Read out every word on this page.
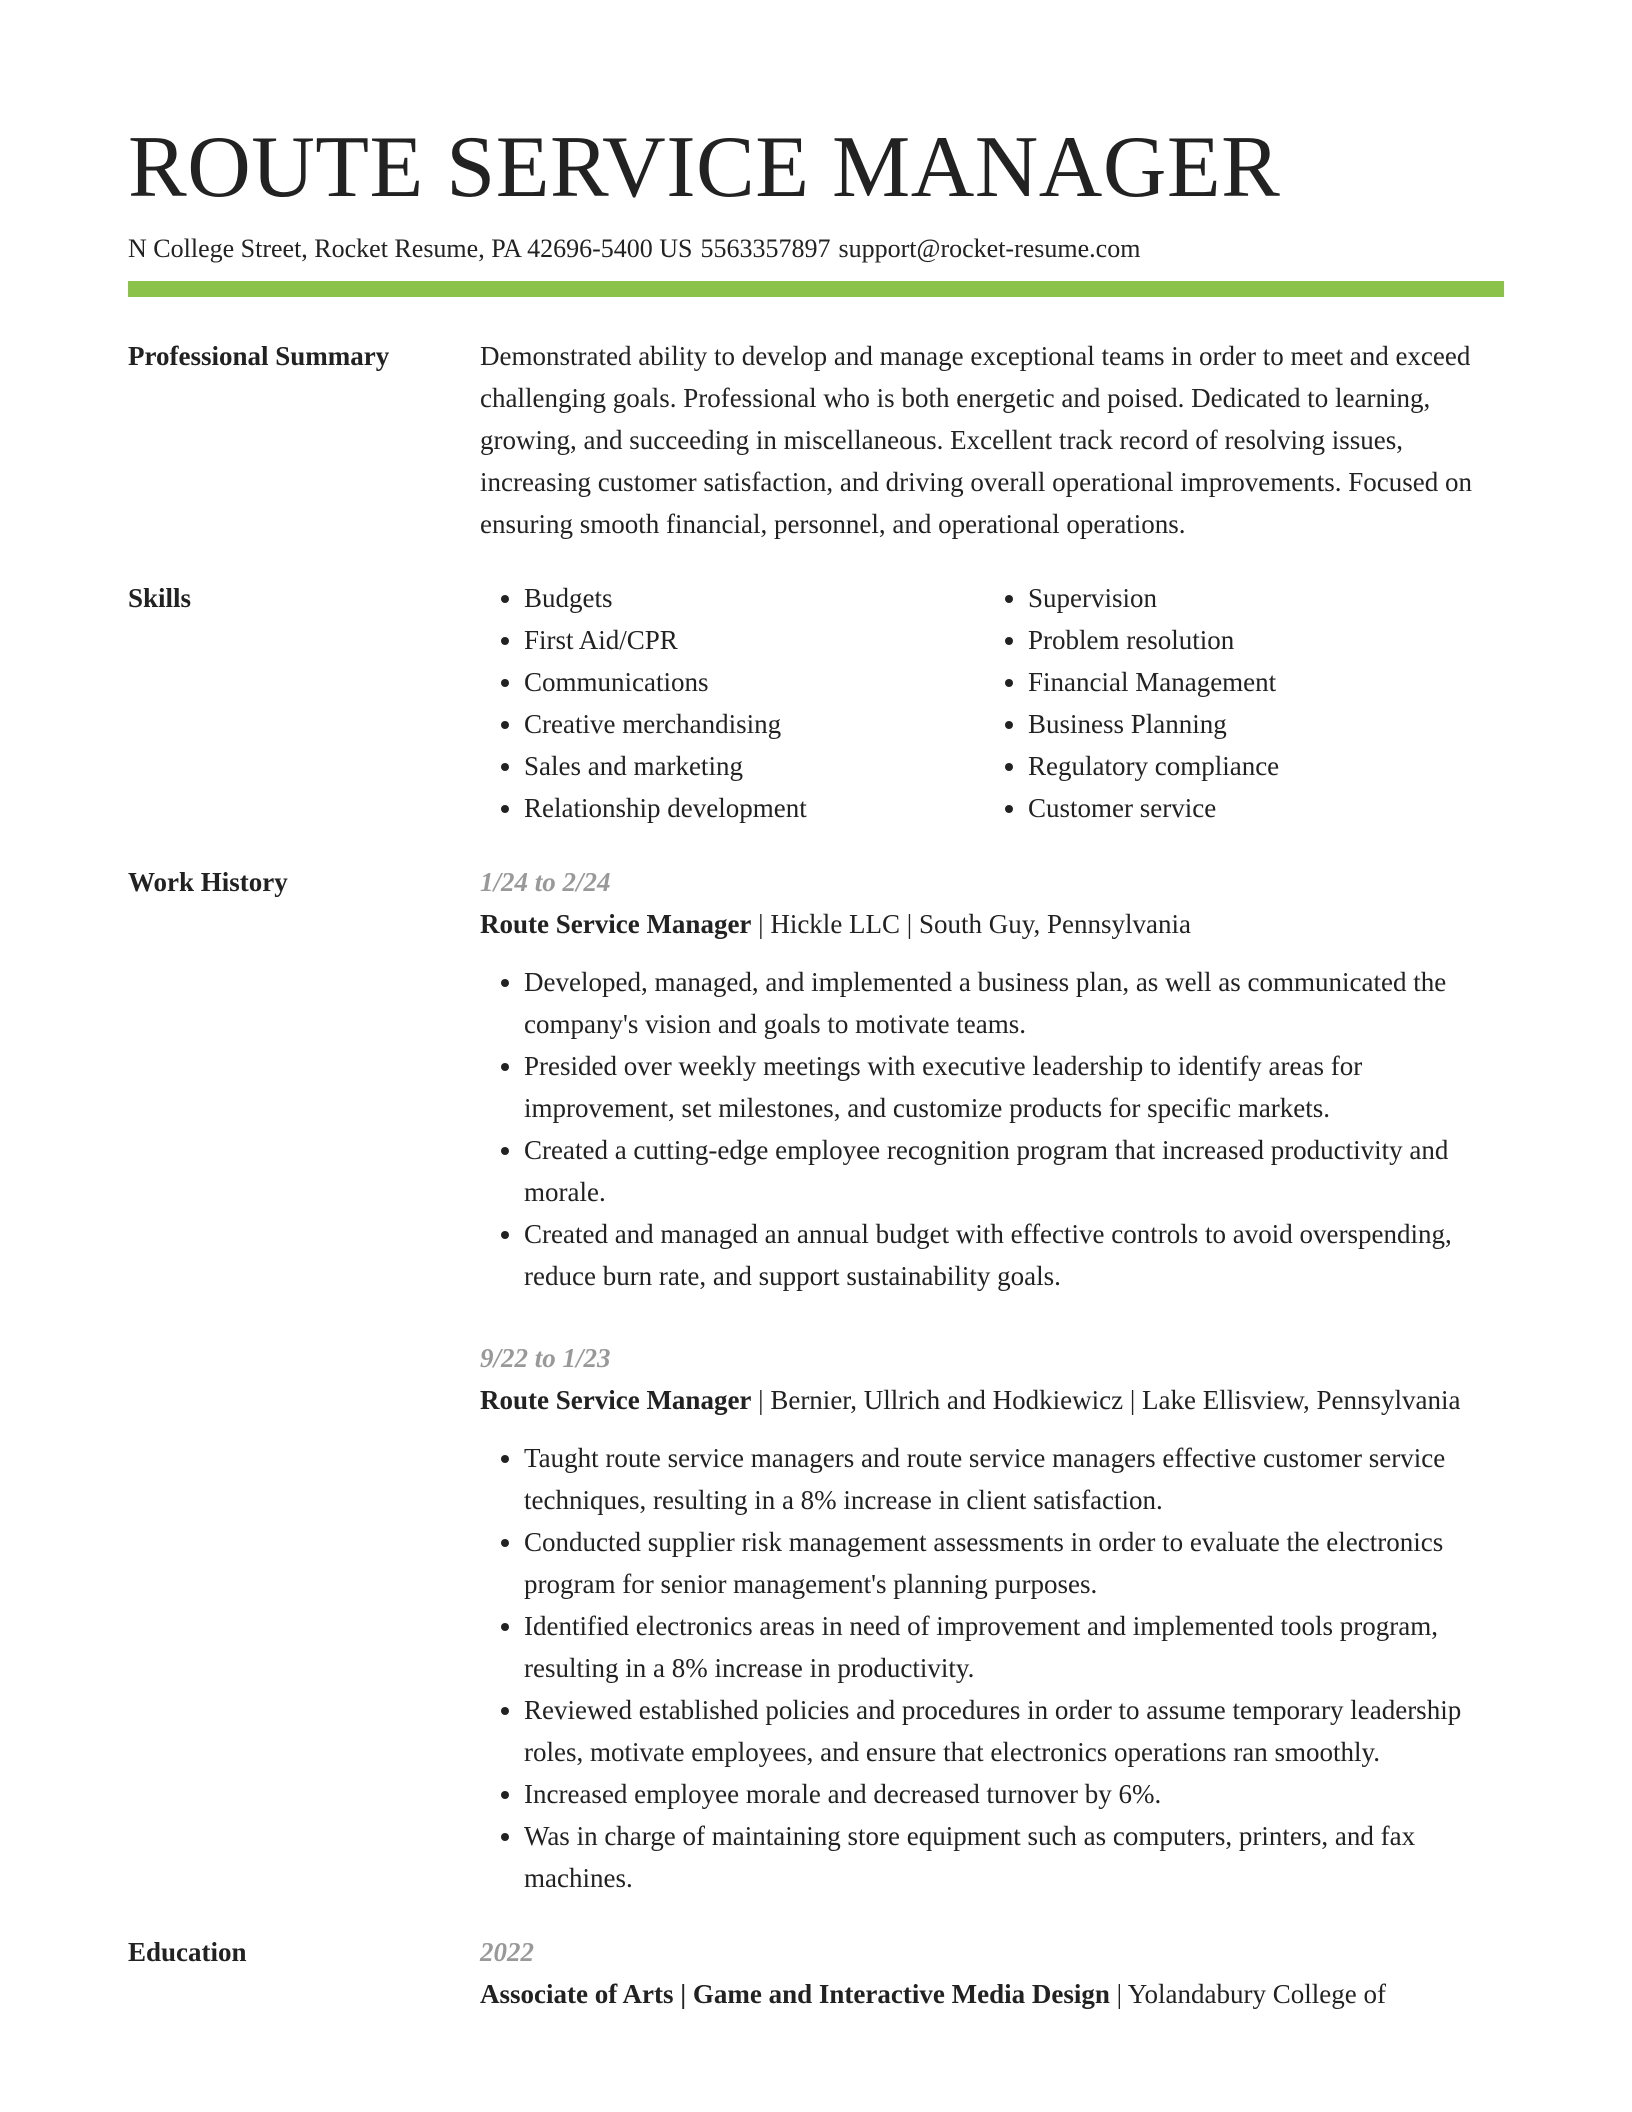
ROUTE SERVICE MANAGER
N College Street, Rocket Resume, PA 42696-5400 US 5563357897 support@rocket-resume.com
Professional Summary	Demonstrated ability to develop and manage exceptional teams in order to meet and exceed challenging goals. Professional who is both energetic and poised. Dedicated to learning, growing, and succeeding in miscellaneous. Excellent track record of resolving issues, increasing customer satisfaction, and driving overall operational improvements. Focused on ensuring smooth financial, personnel, and operational operations.

Skills
•	Budgets
• First Aid/CPR
• Communications
• Creative merchandising
• Sales and marketing
• Relationship development
• Supervision
• Problem resolution
• Financial Management
• Business Planning
• Regulatory compliance
• Customer service
Work History	1/24 to 2/24
Route Service Manager | Hickle LLC | South Guy, Pennsylvania
• Developed, managed, and implemented a business plan, as well as communicated the company's vision and goals to motivate teams.
• Presided over weekly meetings with executive leadership to identify areas for improvement, set milestones, and customize products for specific markets.
• Created a cutting-edge employee recognition program that increased productivity and morale.
• Created and managed an annual budget with effective controls to avoid overspending, reduce burn rate, and support sustainability goals.
9/22 to 1/23
Route Service Manager | Bernier, Ullrich and Hodkiewicz | Lake Ellisview, Pennsylvania
• Taught route service managers and route service managers effective customer service techniques, resulting in a 8% increase in client satisfaction.
• Conducted supplier risk management assessments in order to evaluate the electronics program for senior management's planning purposes.
• Identified electronics areas in need of improvement and implemented tools program, resulting in a 8% increase in productivity.
• Reviewed established policies and procedures in order to assume temporary leadership roles, motivate employees, and ensure that electronics operations ran smoothly.
• Increased employee morale and decreased turnover by 6%.
• Was in charge of maintaining store equipment such as computers, printers, and fax machines.
Education	2022
Associate of Arts | Game and Interactive Media Design | Yolandabury College of
